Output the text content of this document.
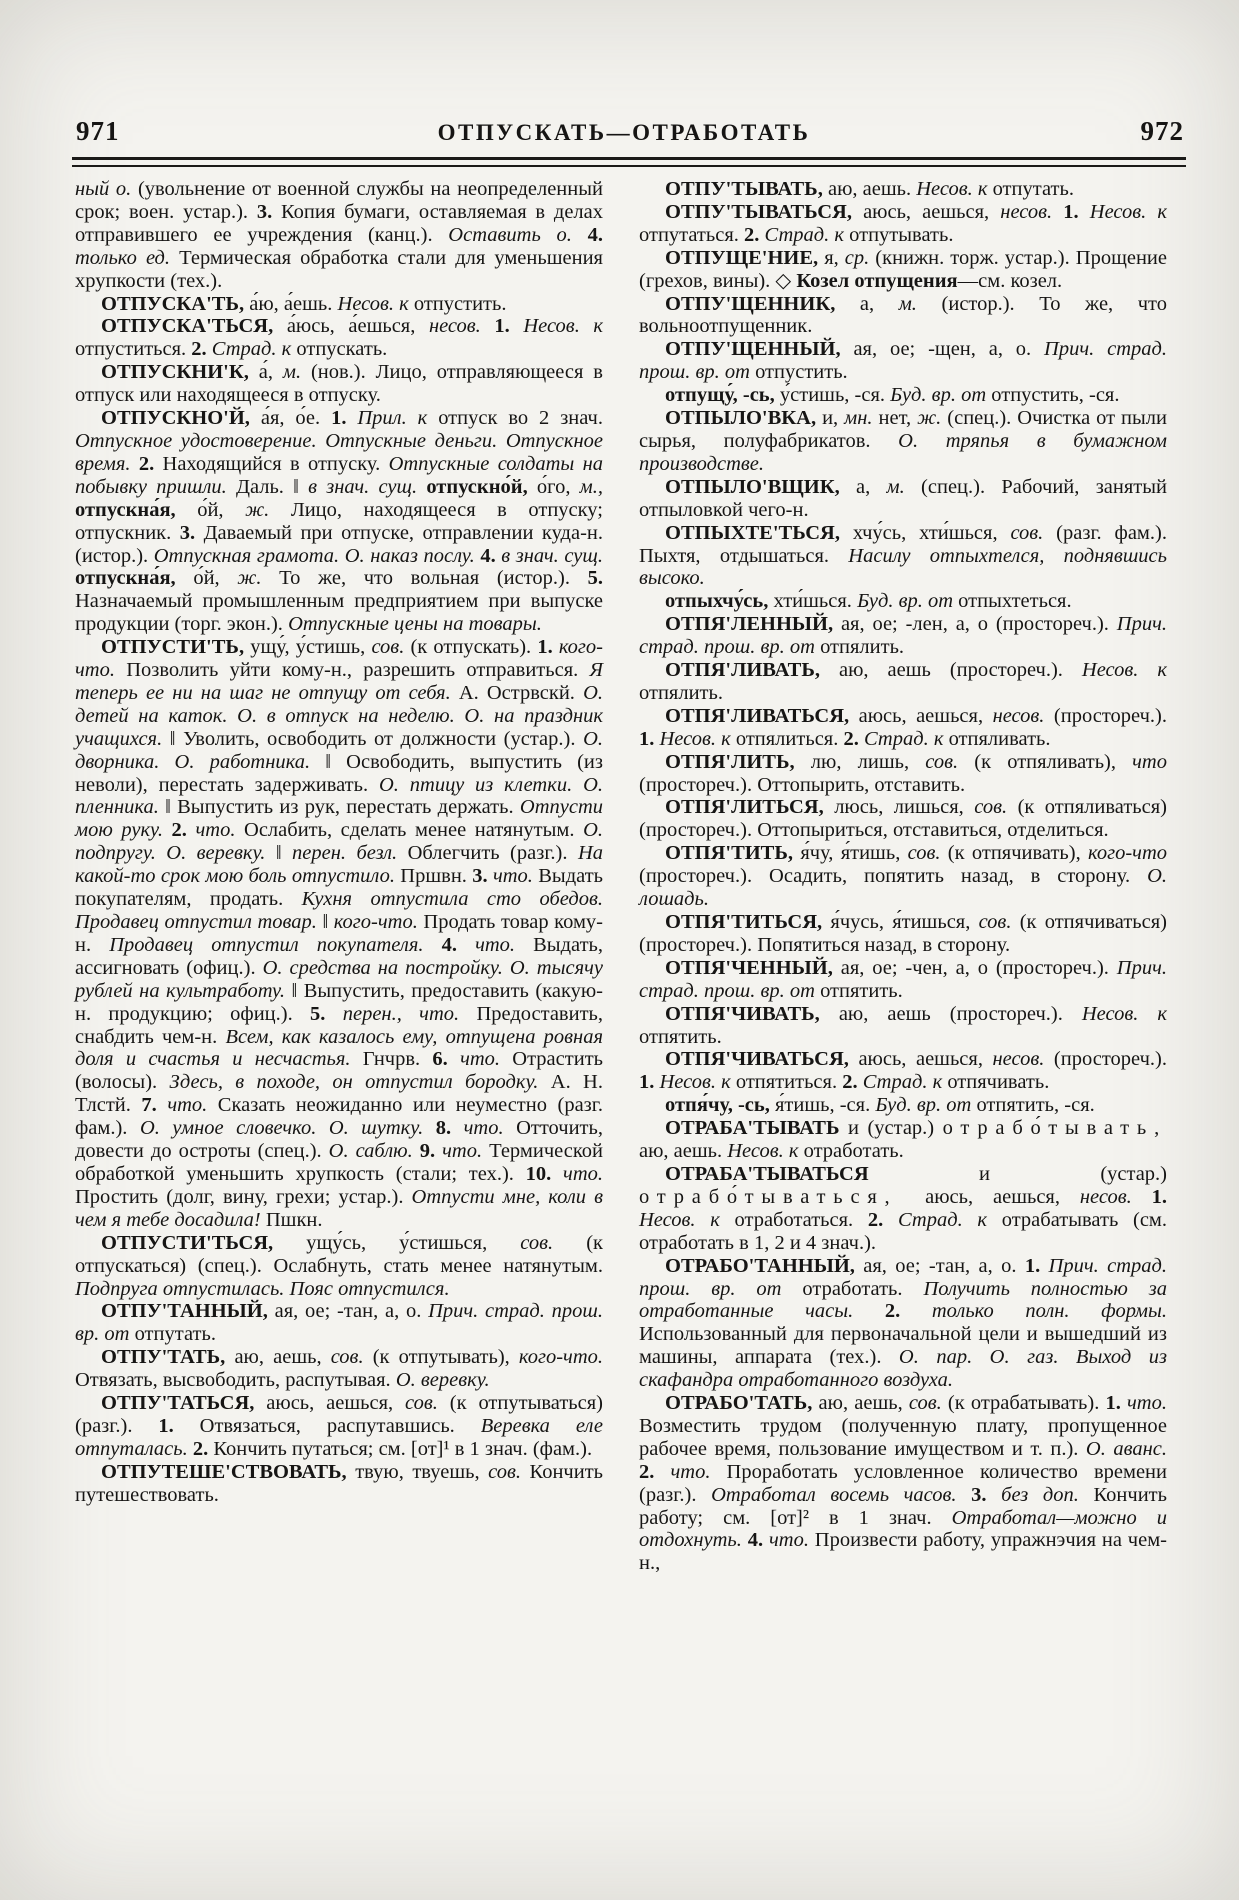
971	ОТПУСКАТЬ—ОТРАБОТАТЬ	972

ный о. (увольнение от военной службы на неопределенный срок; воен. устар.). 3. Копия бумаги, оставляемая в делах отправившего ее учреждения (канц.). Оставить о. 4. только ед. Термическая обработка стали для уменьшения хрупкости (тех.).

ОТПУСКА'ТЬ, а́ю, а́ешь. Несов. к отпустить.

ОТПУСКА'ТЬСЯ, а́юсь, а́ешься, несов. 1. Несов. к отпуститься. 2. Страд. к отпускать.

ОТПУСКНИ'К, а́, м. (нов.). Лицо, отправляющееся в отпуск или находящееся в отпуску.

ОТПУСКНО'Й, а́я, о́е. 1. Прил. к отпуск во 2 знач. Отпускное удостоверение. Отпускные деньги. Отпускное время. 2. Находящийся в отпуску. Отпускные солдаты на побывку пришли. Даль. ‖ в знач. сущ. отпускно́й, о́го, м., отпускна́я, о́й, ж. Лицо, находящееся в отпуску; отпускник. 3. Даваемый при отпуске, отправлении куда-н. (истор.). Отпускная грамота. О. наказ послу. 4. в знач. сущ. отпускна́я, о́й, ж. То же, что вольная (истор.). 5. Назначаемый промышленным предприятием при выпуске продукции (торг. экон.). Отпускные цены на товары.

ОТПУСТИ'ТЬ, ущу́, у́стишь, сов. (к отпускать). 1. кого-что. Позволить уйти кому-н., разрешить отправиться. Я теперь ее ни на шаг не отпущу от себя. А. Острвскй. О. детей на каток. О. в отпуск на неделю. О. на праздник учащихся. ‖ Уволить, освободить от должности (устар.). О. дворника. О. работника. ‖ Освободить, выпустить (из неволи), перестать задерживать. О. птицу из клетки. О. пленника. ‖ Выпустить из рук, перестать держать. Отпусти мою руку. 2. что. Ослабить, сделать менее натянутым. О. подпругу. О. веревку. ‖ перен. безл. Облегчить (разг.). На какой-то срок мою боль отпустило. Пршвн. 3. что. Выдать покупателям, продать. Кухня отпустила сто обедов. Продавец отпустил товар. ‖ кого-что. Продать товар кому-н. Продавец отпустил покупателя. 4. что. Выдать, ассигновать (офиц.). О. средства на постройку. О. тысячу рублей на культработу. ‖ Выпустить, предоставить (какую-н. продукцию; офиц.). 5. перен., что. Предоставить, снабдить чем-н. Всем, как казалось ему, отпущена ровная доля и счастья и несчастья. Гнчрв. 6. что. Отрастить (волосы). Здесь, в походе, он отпустил бородку. А. Н. Тлстй. 7. что. Сказать неожиданно или неуместно (разг. фам.). О. умное словечко. О. шутку. 8. что. Отточить, довести до остроты (спец.). О. саблю. 9. что. Термической обработкой уменьшить хрупкость (стали; тех.). 10. что. Простить (долг, вину, грехи; устар.). Отпусти мне, коли в чем я тебе досадила! Пшкн.

ОТПУСТИ'ТЬСЯ, ущу́сь, у́стишься, сов. (к отпускаться) (спец.). Ослабнуть, стать менее натянутым. Подпруга отпустилась. Пояс отпустился.

ОТПУ'ТАННЫЙ, ая, ое; -тан, а, о. Прич. страд. прош. вр. от отпутать.

ОТПУ'ТАТЬ, аю, аешь, сов. (к отпутывать), кого-что. Отвязать, высвободить, распутывая. О. веревку.

ОТПУ'ТАТЬСЯ, аюсь, аешься, сов. (к отпутываться) (разг.). 1. Отвязаться, распутавшись. Веревка еле отпуталась. 2. Кончить путаться; см. [от]¹ в 1 знач. (фам.).

ОТПУТЕШЕ'СТВОВАТЬ, твую, твуешь, сов. Кончить путешествовать.

ОТПУ'ТЫВАТЬ, аю, аешь. Несов. к отпутать.

ОТПУ'ТЫВАТЬСЯ, аюсь, аешься, несов. 1. Несов. к отпутаться. 2. Страд. к отпутывать.

ОТПУЩЕ'НИЕ, я, ср. (книжн. торж. устар.). Прощение (грехов, вины). ◇ Козел отпущения—см. козел.

ОТПУ'ЩЕННИК, а, м. (истор.). То же, что вольноотпущенник.

ОТПУ'ЩЕННЫЙ, ая, ое; -щен, а, о. Прич. страд. прош. вр. от отпустить.

отпущу́, -сь, у́стишь, -ся. Буд. вр. от отпустить, -ся.

ОТПЫЛО'ВКА, и, мн. нет, ж. (спец.). Очистка от пыли сырья, полуфабрикатов. О. тряпья в бумажном производстве.

ОТПЫЛО'ВЩИК, а, м. (спец.). Рабочий, занятый отпыловкой чего-н.

ОТПЫХТЕ'ТЬСЯ, хчу́сь, хти́шься, сов. (разг. фам.). Пыхтя, отдышаться. Насилу отпыхтелся, поднявшись высоко.

отпыхчу́сь, хти́шься. Буд. вр. от отпыхтеться.

ОТПЯ'ЛЕННЫЙ, ая, ое; -лен, а, о (простореч.). Прич. страд. прош. вр. от отпялить.

ОТПЯ'ЛИВАТЬ, аю, аешь (простореч.). Несов. к отпялить.

ОТПЯ'ЛИВАТЬСЯ, аюсь, аешься, несов. (простореч.). 1. Несов. к отпялиться. 2. Страд. к отпяливать.

ОТПЯ'ЛИТЬ, лю, лишь, сов. (к отпяливать), что (простореч.). Оттопырить, отставить.

ОТПЯ'ЛИТЬСЯ, люсь, лишься, сов. (к отпяливаться) (простореч.). Оттопыриться, отставиться, отделиться.

ОТПЯ'ТИТЬ, я́чу, я́тишь, сов. (к отпячивать), кого-что (простореч.). Осадить, попятить назад, в сторону. О. лошадь.

ОТПЯ'ТИТЬСЯ, я́чусь, я́тишься, сов. (к отпячиваться) (простореч.). Попятиться назад, в сторону.

ОТПЯ'ЧЕННЫЙ, ая, ое; -чен, а, о (простореч.). Прич. страд. прош. вр. от отпятить.

ОТПЯ'ЧИВАТЬ, аю, аешь (простореч.). Несов. к отпятить.

ОТПЯ'ЧИВАТЬСЯ, аюсь, аешься, несов. (простореч.). 1. Несов. к отпятиться. 2. Страд. к отпячивать.

отпя́чу, -сь, я́тишь, -ся. Буд. вр. от отпятить, -ся.

ОТРАБА'ТЫВАТЬ и (устар.) отрабо́тывать, аю, аешь. Несов. к отработать.

ОТРАБА'ТЫВАТЬСЯ и (устар.) отрабо́тываться, аюсь, аешься, несов. 1. Несов. к отработаться. 2. Страд. к отрабатывать (см. отработать в 1, 2 и 4 знач.).

ОТРАБО'ТАННЫЙ, ая, ое; -тан, а, о. 1. Прич. страд. прош. вр. от отработать. Получить полностью за отработанные часы. 2. только полн. формы. Использованный для первоначальной цели и вышедший из машины, аппарата (тех.). О. пар. О. газ. Выход из скафандра отработанного воздуха.

ОТРАБО'ТАТЬ, аю, аешь, сов. (к отрабатывать). 1. что. Возместить трудом (полученную плату, пропущенное рабочее время, пользование имуществом и т. п.). О. аванс. 2. что. Проработать условленное количество времени (разг.). Отработал восемь часов. 3. без доп. Кончить работу; см. [от]² в 1 знач. Отработал—можно и отдохнуть. 4. что. Произвести работу, упражнэчия на чем-н.,
